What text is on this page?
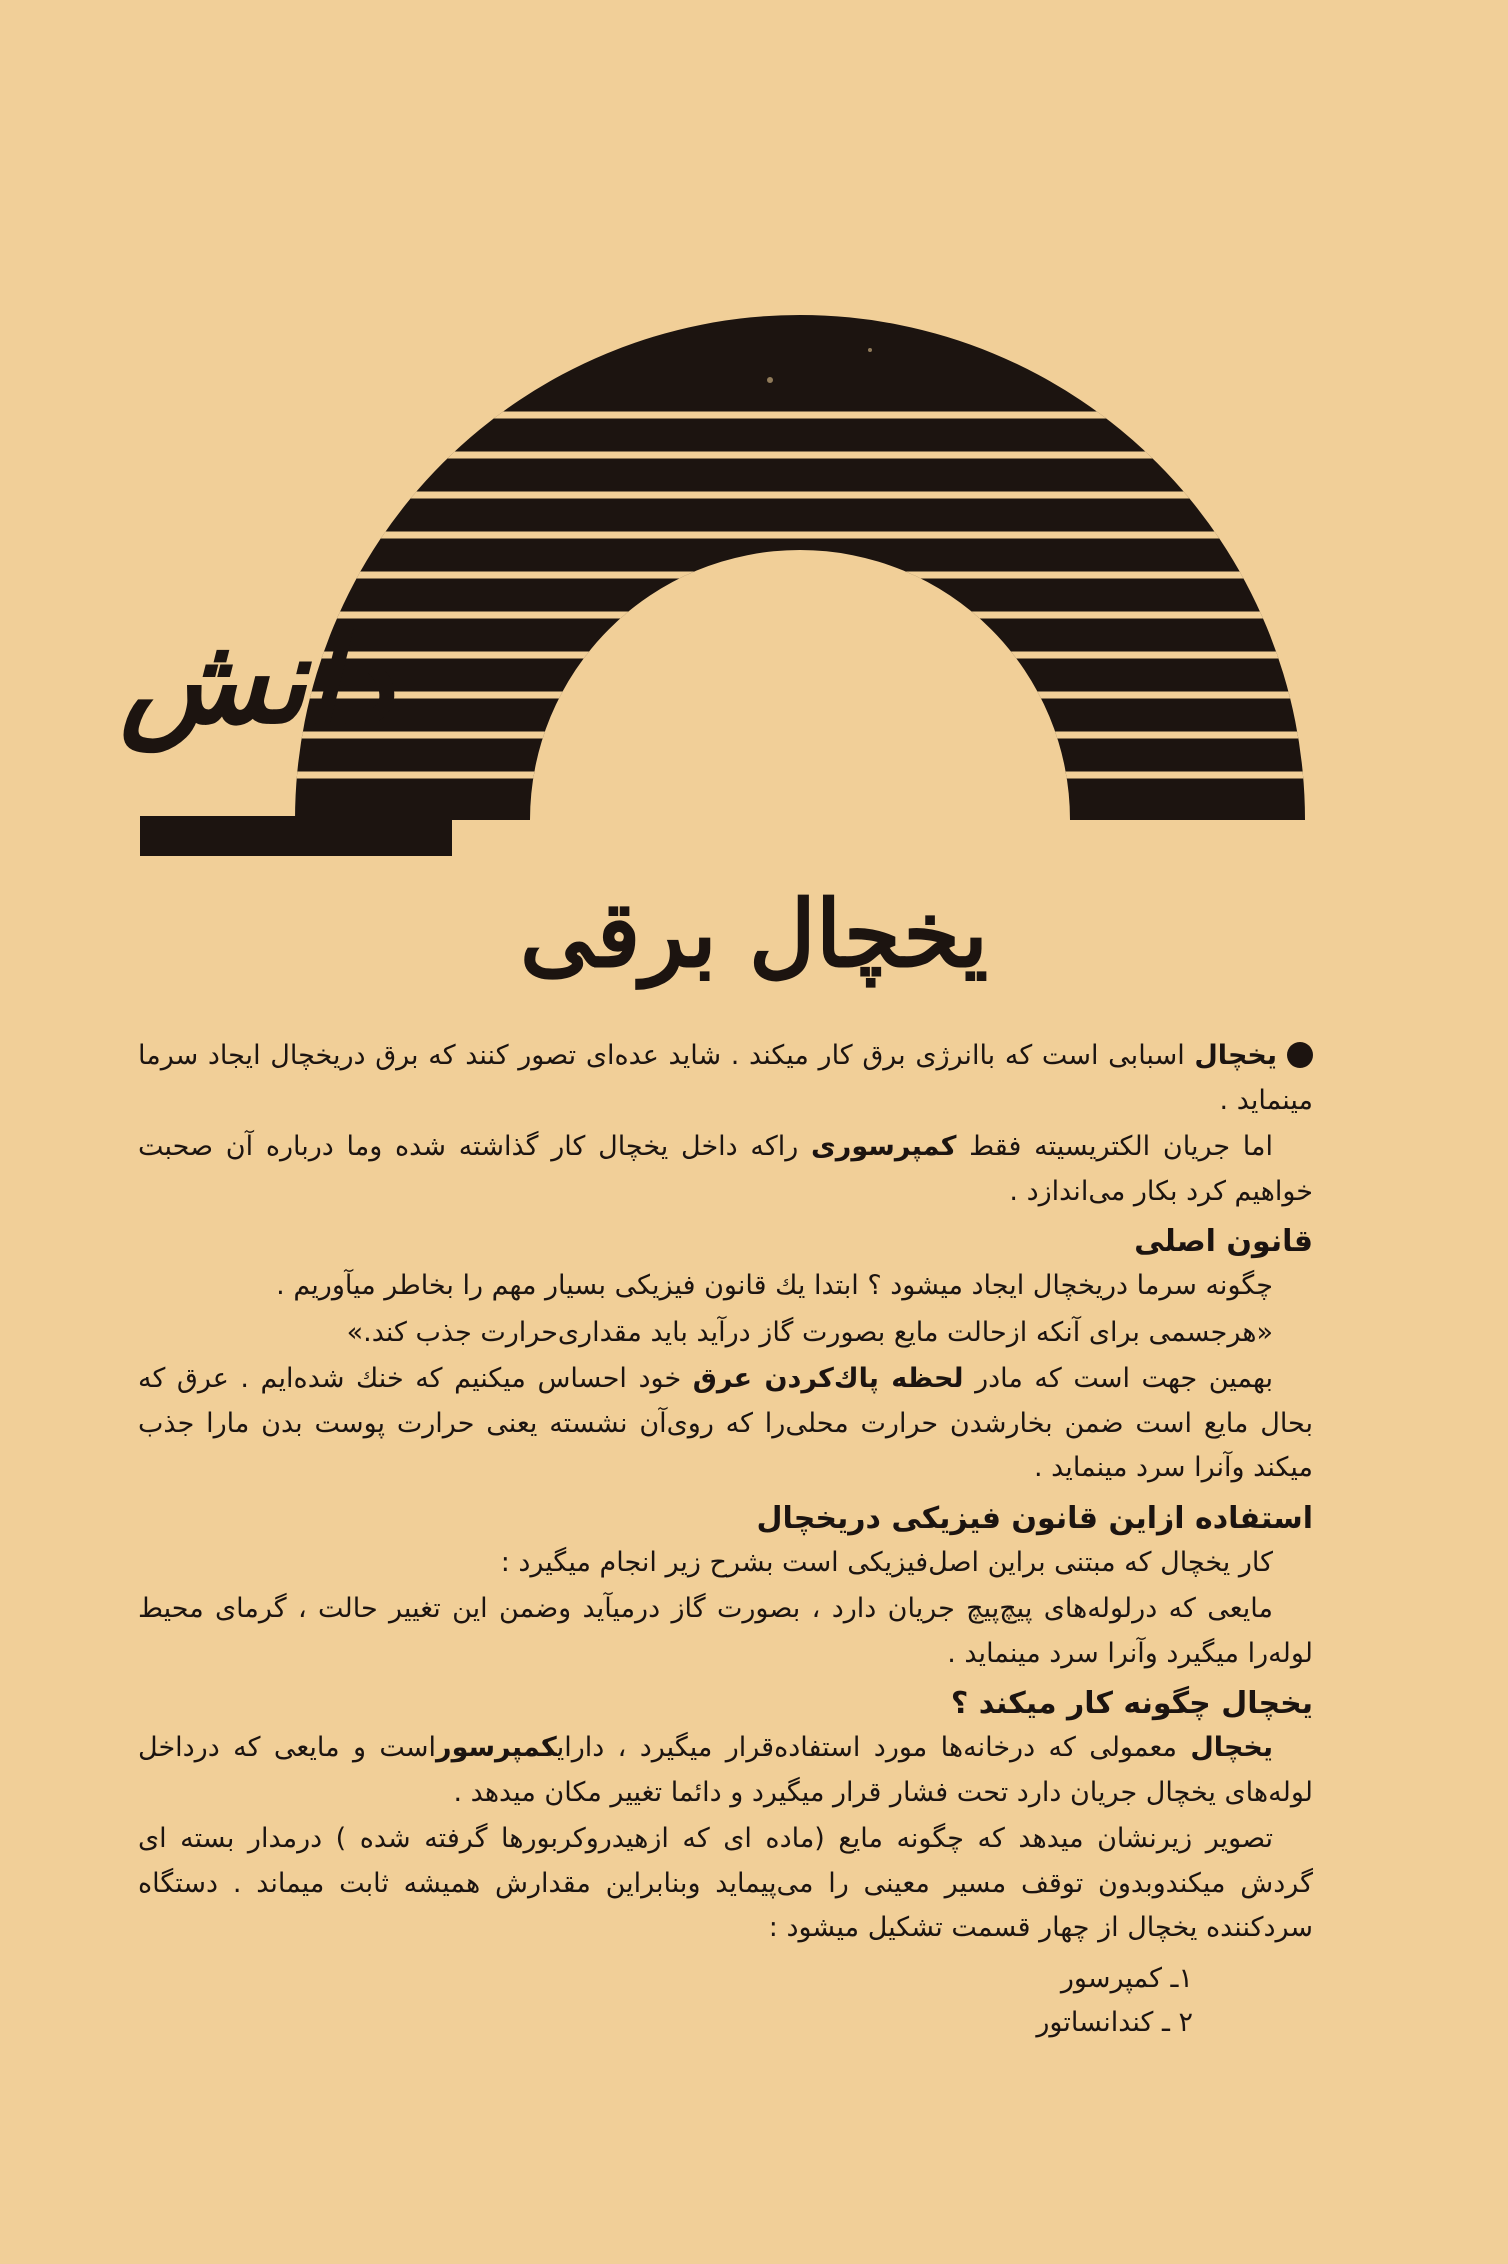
دانش
یخچال برقی

یخچال اسبابی است که باانرژی برق کار میکند . شاید عده‌ای تصور کنند که برق دریخچال ایجاد سرما مینماید .

اما جریان الکتریسیته فقط کمپرسوری راکه داخل یخچال کار گذاشته شده وما درباره آن صحبت خواهیم کرد بکار می‌اندازد .

قانون اصلی

چگونه سرما دریخچال ایجاد میشود ؟ ابتدا یك قانون فیزیکی بسیار مهم را بخاطر میآوریم .

«هرجسمی برای آنکه ازحالت مایع بصورت گاز درآید باید مقداری‌حرارت جذب کند.»

بهمین جهت است که مادر لحظه پاك‌کردن عرق خود احساس میکنیم که خنك شده‌ایم . عرق که بحال مایع است ضمن بخارشدن حرارت محلی‌را که روی‌آن نشسته یعنی حرارت پوست بدن مارا جذب میکند وآنرا سرد مینماید .

استفاده ازاین قانون فیزیکی دریخچال

کار یخچال که مبتنی براین اصل‌فیزیکی است بشرح زیر انجام میگیرد :

مایعی که درلوله‌های پیچ‌پیچ جریان دارد ، بصورت گاز درمیآید وضمن این تغییر حالت ، گرمای محیط لوله‌را میگیرد وآنرا سرد مینماید .

یخچال چگونه کار میکند ؟

یخچال معمولی که درخانه‌ها مورد استفاده‌قرار میگیرد ، دارایکمپرسوراست و مایعی که درداخل لوله‌های یخچال جریان دارد تحت فشار قرار میگیرد و دائما تغییر مکان میدهد .

تصویر زیرنشان میدهد که چگونه مایع (ماده ای که ازهیدروکربورها گرفته شده ) درمدار بسته ای گردش میکندوبدون توقف مسیر معینی را می‌پیماید وبنابراین مقدارش همیشه ثابت میماند . دستگاه سردکننده یخچال از چهار قسمت تشکیل میشود :

۱ـ کمپرسور
۲ ـ کندانساتور
